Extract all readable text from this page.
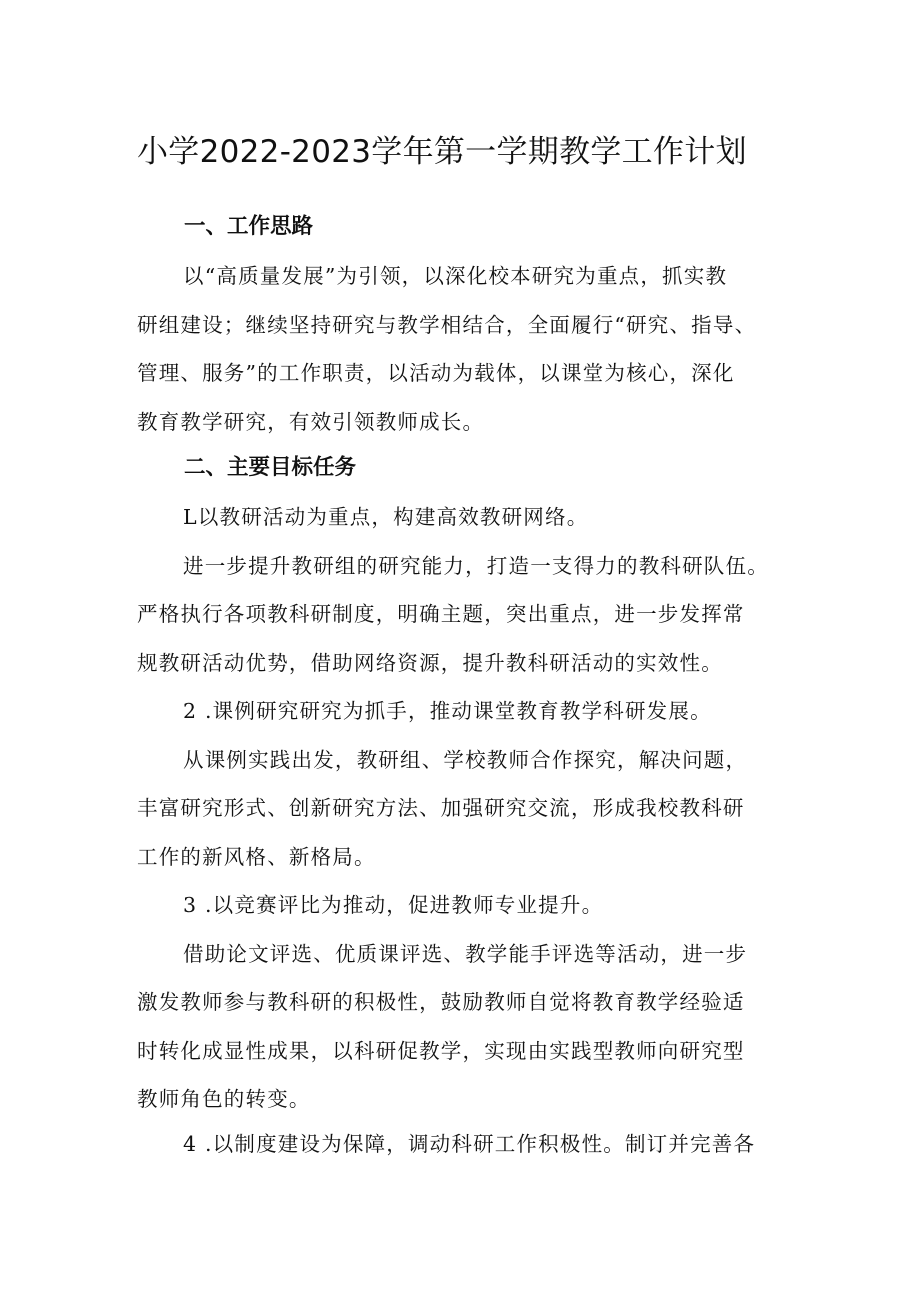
小学2022-2023学年第一学期教学工作计划
一、工作思路
以“高质量发展”为引领，以深化校本研究为重点，抓实教
研组建设；继续坚持研究与教学相结合，全面履行“研究、指导、
管理、服务”的工作职责，以活动为载体，以课堂为核心，深化
教育教学研究，有效引领教师成长。
二、主要目标任务
L以教研活动为重点，构建高效教研网络。
进一步提升教研组的研究能力，打造一支得力的教科研队伍。
严格执行各项教科研制度，明确主题，突出重点，进一步发挥常
规教研活动优势，借助网络资源，提升教科研活动的实效性。
2 .课例研究研究为抓手，推动课堂教育教学科研发展。
从课例实践出发，教研组、学校教师合作探究，解决问题，
丰富研究形式、创新研究方法、加强研究交流，形成我校教科研
工作的新风格、新格局。
3 .以竞赛评比为推动，促进教师专业提升。
借助论文评选、优质课评选、教学能手评选等活动，进一步
激发教师参与教科研的积极性，鼓励教师自觉将教育教学经验适
时转化成显性成果，以科研促教学，实现由实践型教师向研究型
教师角色的转变。
4 .以制度建设为保障，调动科研工作积极性。制订并完善各
